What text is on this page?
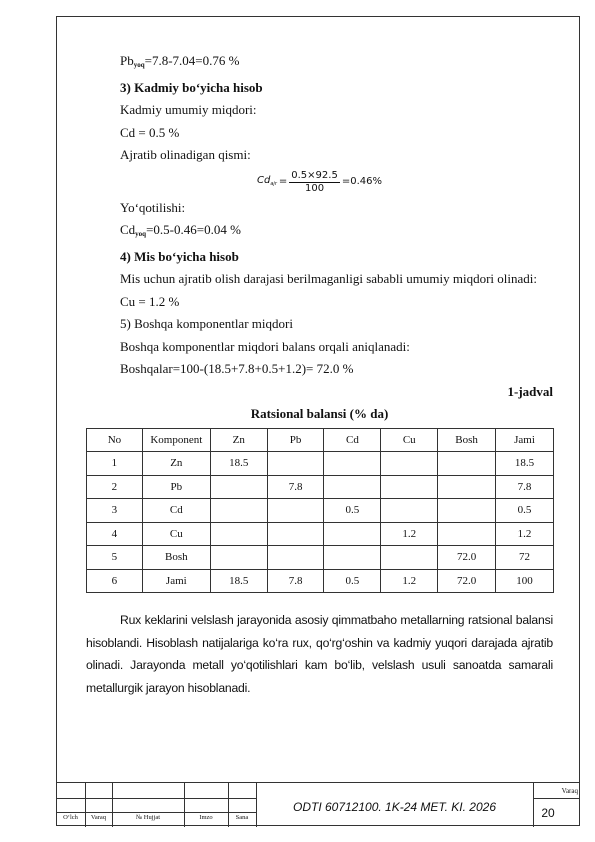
$Pb_{yoq}=7.8-7.04=0.76$ %
3) Kadmiy bo‘yicha hisob
Kadmiy umumiy miqdori:
Cd = 0.5 %
Ajratib olinadigan qismi:
$Cd_{ajr} = \frac{0.5\times 92.5}{100} =0.46\%$
Yo‘qotilishi:
$Cd_{yoq}=0.5-0.46=0.04$ %
4) Mis bo‘yicha hisob
Mis uchun ajratib olish darajasi berilmaganligi sababli umumiy miqdori olinadi:
Cu = 1.2 %
5) Boshqa komponentlar miqdori
Boshqa komponentlar miqdori balans orqali aniqlanadi:
Boshqalar=100-(18.5+7.8+0.5+1.2)= 72.0 %
1-jadval
Ratsional balansi (% da)
No	Komponent	Zn	Pb	Cd	Cu	Bosh	Jami
1	Zn	18.5					18.5
2	Pb		7.8				7.8
3	Cd			0.5			0.5
4	Cu				1.2		1.2
5	Bosh					72.0	72
6	Jami	18.5	7.8	0.5	1.2	72.0	100
Rux keklarini velslash jarayonida asosiy qimmatbaho metallarning ratsional balansi hisoblandi. Hisoblash natijalariga ko‘ra rux, qo‘rg‘oshin va kadmiy yuqori darajada ajratib olinadi. Jarayonda metall yo‘qotilishlari kam bo‘lib, velslash usuli sanoatda samarali metallurgik jarayon hisoblanadi.
O‘lch	Varaq	№ Hujjat	Imzo	Sana
ODTI 60712100. 1K-24 MET. KI. 2026
Varaq
20
